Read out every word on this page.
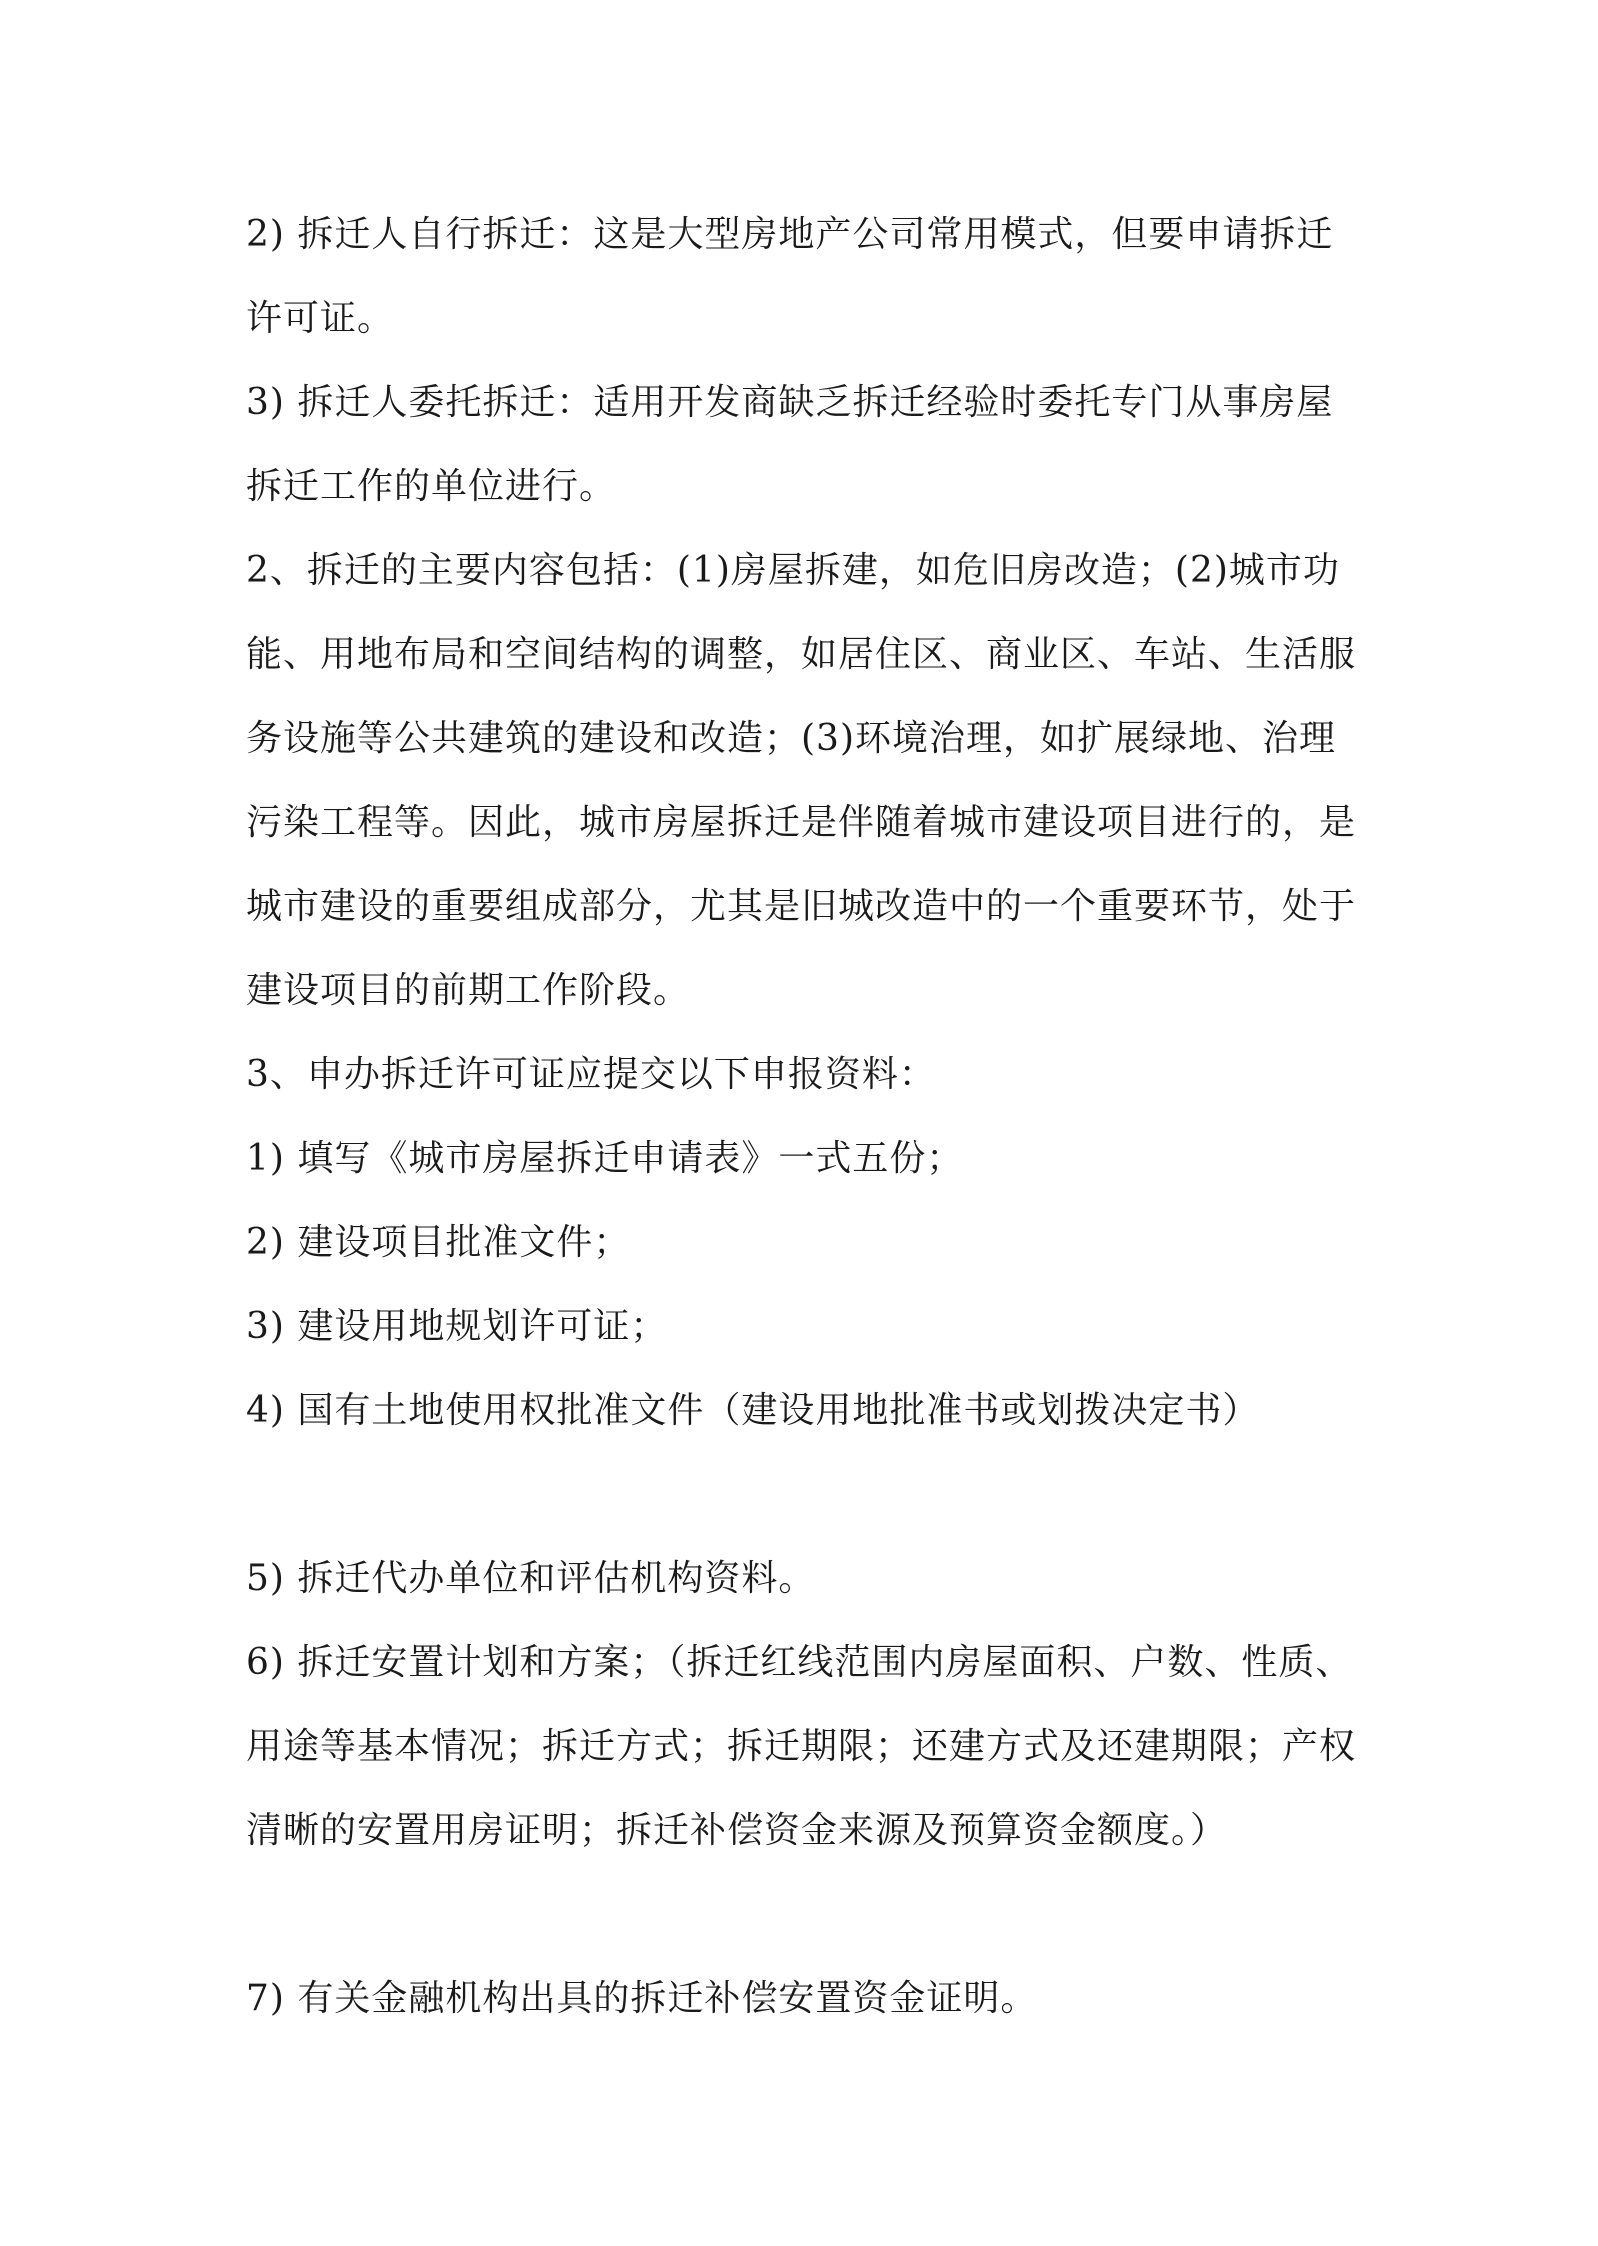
2) 拆迁人自行拆迁：这是大型房地产公司常用模式，但要申请拆迁
许可证。
3) 拆迁人委托拆迁：适用开发商缺乏拆迁经验时委托专门从事房屋
拆迁工作的单位进行。
2、拆迁的主要内容包括：(1)房屋拆建，如危旧房改造；(2)城市功
能、用地布局和空间结构的调整，如居住区、商业区、车站、生活服
务设施等公共建筑的建设和改造；(3)环境治理，如扩展绿地、治理
污染工程等。因此，城市房屋拆迁是伴随着城市建设项目进行的，是
城市建设的重要组成部分，尤其是旧城改造中的一个重要环节，处于
建设项目的前期工作阶段。
3、申办拆迁许可证应提交以下申报资料：
1) 填写《城市房屋拆迁申请表》一式五份；
2) 建设项目批准文件；
3) 建设用地规划许可证；
4) 国有土地使用权批准文件（建设用地批准书或划拨决定书）
5) 拆迁代办单位和评估机构资料。
6) 拆迁安置计划和方案；（拆迁红线范围内房屋面积、户数、性质、
用途等基本情况；拆迁方式；拆迁期限；还建方式及还建期限；产权
清晰的安置用房证明；拆迁补偿资金来源及预算资金额度。）
7) 有关金融机构出具的拆迁补偿安置资金证明。
